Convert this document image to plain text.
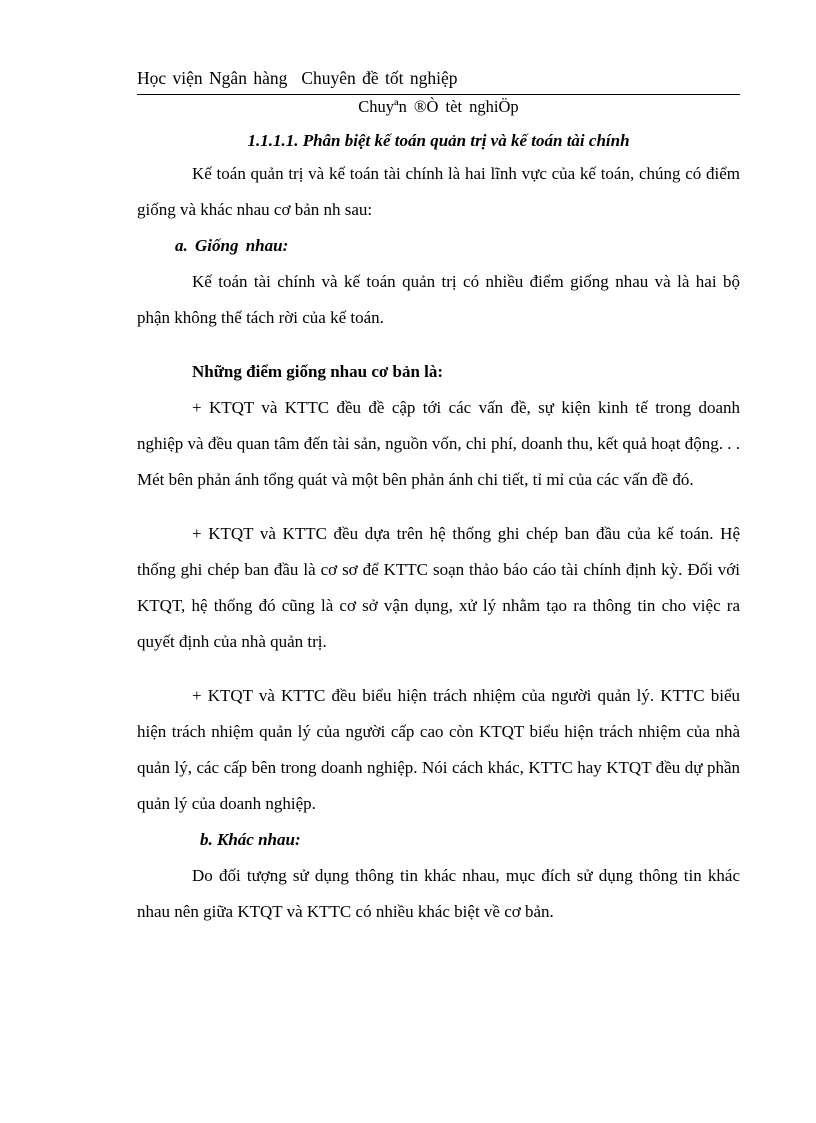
Học viện Ngân hàng Chuyên đề tốt nghiệp
Chuyªn ®Ò tèt nghiÖp
1.1.1.1. Phân biệt kế toán quản trị và kế toán tài chính

Kế toán quản trị và kế toán tài chính là hai lĩnh vực của kế toán, chúng có điểm giống và khác nhau cơ bản nh sau:

a. Giống nhau:

Kế toán tài chính và kế toán quản trị có nhiều điểm giống nhau và là hai bộ phận không thể tách rời của kế toán.

Những điểm giống nhau cơ bản là:

+ KTQT và KTTC đều đề cập tới các vấn đề, sự kiện kinh tế trong doanh nghiệp và đều quan tâm đến tài sản, nguồn vốn, chi phí, doanh thu, kết quả hoạt động. . . Mét bên phản ánh tổng quát và một bên phản ánh chi tiết, tỉ mỉ của các vấn đề đó.

+ KTQT và KTTC đều dựa trên hệ thống ghi chép ban đầu của kế toán. Hệ thống ghi chép ban đầu là cơ sơ để KTTC soạn thảo báo cáo tài chính định kỳ. Đối với KTQT, hệ thống đó cũng là cơ sở vận dụng, xử lý nhằm tạo ra thông tin cho việc ra quyết định của nhà quản trị.

+ KTQT và KTTC đều biểu hiện trách nhiệm của người quản lý. KTTC biểu hiện trách nhiệm quản lý của người cấp cao còn KTQT biểu hiện trách nhiệm của nhà quản lý, các cấp bên trong doanh nghiệp. Nói cách khác, KTTC hay KTQT đều dự phần quản lý của doanh nghiệp.

b. Khác nhau:

Do đối tượng sử dụng thông tin khác nhau, mục đích sử dụng thông tin khác nhau nên giữa KTQT và KTTC có nhiều khác biệt về cơ bản.
